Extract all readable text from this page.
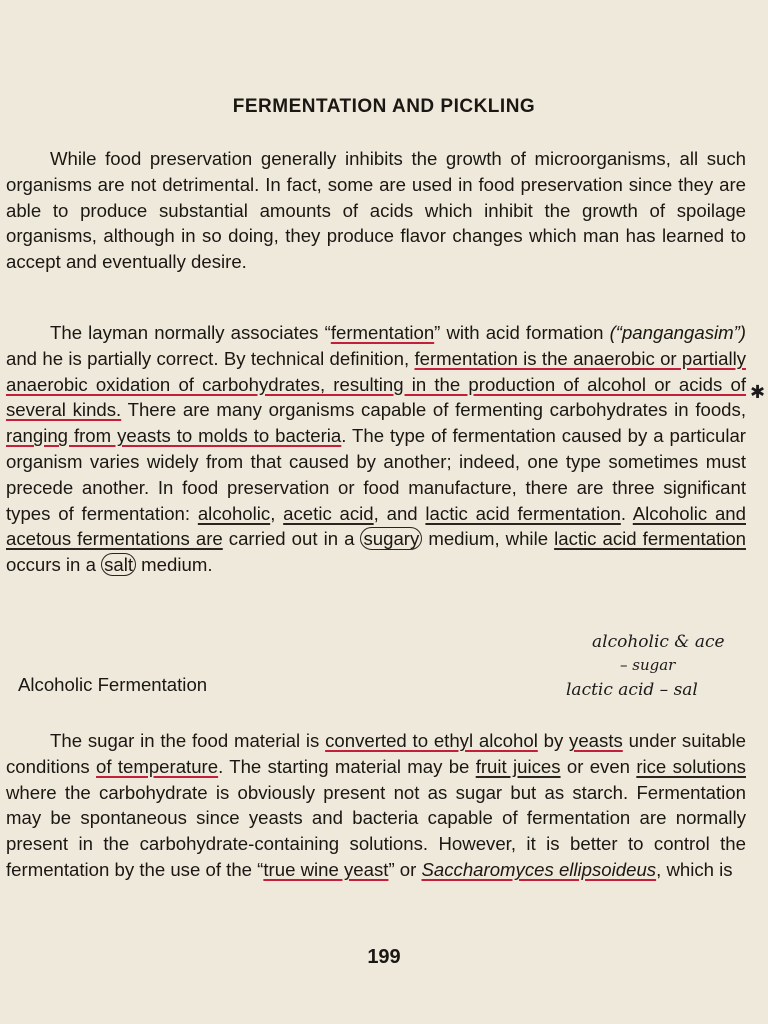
FERMENTATION AND PICKLING
While food preservation generally inhibits the growth of microorganisms, all such organisms are not detrimental. In fact, some are used in food preservation since they are able to produce substantial amounts of acids which inhibit the growth of spoilage organisms, although in so doing, they produce flavor changes which man has learned to accept and eventually desire.
The layman normally associates “fermentation” with acid formation (“pangangasim”) and he is partially correct. By technical definition, fermentation is the anaerobic or partially anaerobic oxidation of carbohydrates, resulting in the production of alcohol or acids of several kinds. There are many organisms capable of fermenting carbohydrates in foods, ranging from yeasts to molds to bacteria. The type of fermentation caused by a particular organism varies widely from that caused by another; indeed, one type sometimes must precede another. In food preservation or food manufacture, there are three significant types of fermentation: alcoholic, acetic acid, and lactic acid fermentation. Alcoholic and acetous fermentations are carried out in a sugary medium, while lactic acid fermentation occurs in a salt medium.
Alcoholic Fermentation
The sugar in the food material is converted to ethyl alcohol by yeasts under suitable conditions of temperature. The starting material may be fruit juices or even rice solutions where the carbohydrate is obviously present not as sugar but as starch. Fermentation may be spontaneous since yeasts and bacteria capable of fermentation are normally present in the carbohydrate-containing solutions. However, it is better to control the fermentation by the use of the “true wine yeast” or Saccharomyces ellipsoideus, which is
alcoholic & ace
– sugar
lactic acid – sal
✱
199
